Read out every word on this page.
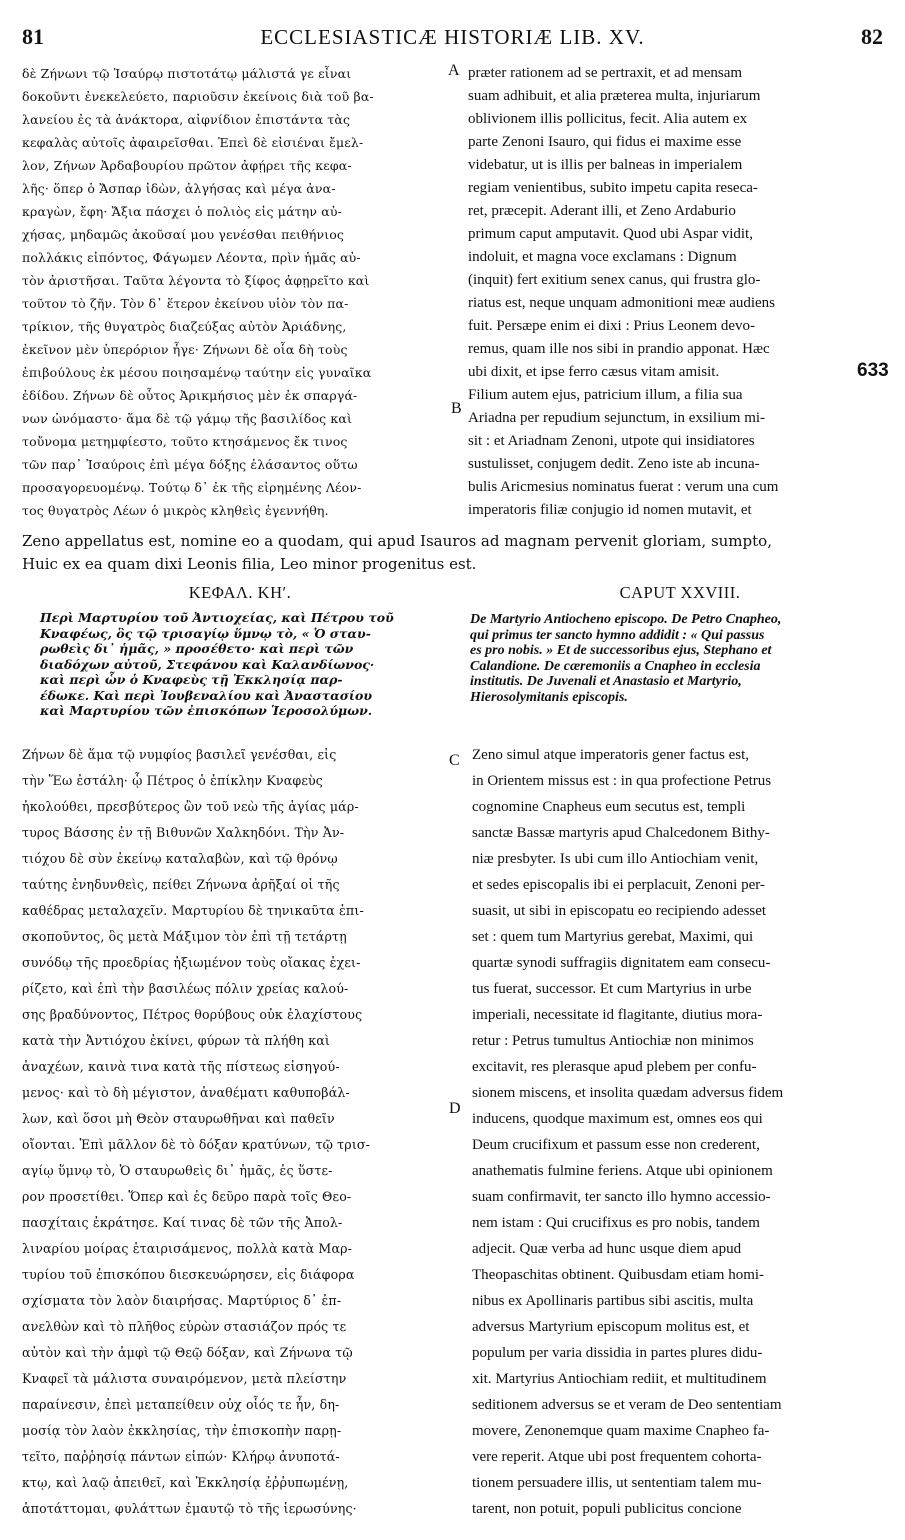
81	ECCLESIASTICÆ HISTORIÆ LIB. XV.	82
δὲ Ζήνωνι τῷ Ἰσαύρῳ πιστοτάτῳ μάλιστά γε εἶναι
δοκοῦντι ἐνεκελεύετο, παριοῦσιν ἐκείνοις διὰ τοῦ βα-
λανείου ἐς τὰ ἀνάκτορα, αἰφνίδιον ἐπιστάντα τὰς
κεφαλὰς αὐτοῖς ἀφαιρεῖσθαι. Ἐπεὶ δὲ εἰσιέναι ἔμελ-
λον, Ζήνων Ἀρδαβουρίου πρῶτον ἀφῄρει τῆς κεφα-
λῆς· ὅπερ ὁ Ἄσπαρ ἰδὼν, ἀλγήσας καὶ μέγα ἀνα-
κραγὼν, ἔφη· Ἄξια πάσχει ὁ πολιὸς εἰς μάτην αὐ-
χήσας, μηδαμῶς ἀκοῦσαί μου γενέσθαι πειθήνιος
πολλάκις εἰπόντος, Φάγωμεν Λέοντα, πρὶν ἡμᾶς αὐ-
τὸν ἀριστῆσαι. Ταῦτα λέγοντα τὸ ξίφος ἀφῃρεῖτο καὶ
τοῦτον τὸ ζῆν. Τὸν δ᾽ ἕτερον ἐκείνου υἱὸν τὸν πα-
τρίκιον, τῆς θυγατρὸς διαζεύξας αὐτὸν Ἀριάδνης,
ἐκεῖνον μὲν ὑπερόριον ἦγε· Ζήνωνι δὲ οἷα δὴ τοὺς
ἐπιβούλους ἐκ μέσου ποιησαμένῳ ταύτην εἰς γυναῖκα
ἐδίδου. Ζήνων δὲ οὗτος Ἀρικμήσιος μὲν ἐκ σπαργά-
νων ὠνόμαστο· ἅμα δὲ τῷ γάμῳ τῆς βασιλίδος καὶ
τοὔνομα μετημφίεστο, τοῦτο κτησάμενος ἔκ τινος
τῶν παρ᾽ Ἰσαύροις ἐπὶ μέγα δόξης ἐλάσαντος οὕτω
προσαγορευομένῳ. Τούτῳ δ᾽ ἐκ τῆς εἰρημένης Λέον-
τος θυγατρὸς Λέων ὁ μικρὸς κληθεὶς ἐγεννήθη.
præter rationem ad se pertraxit, et ad mensam
suam adhibuit, et alia præterea multa, injuriarum
oblivionem illis pollicitus, fecit. Alia autem ex
parte Zenoni Isauro, qui fidus ei maxime esse
videbatur, ut is illis per balneas in imperialem
regiam venientibus, subito impetu capita reseca-
ret, præcepit. Aderant illi, et Zeno Ardaburio
primum caput amputavit. Quod ubi Aspar vidit,
indoluit, et magna voce exclamans : Dignum
(inquit) fert exitium senex canus, qui frustra glo-
riatus est, neque unquam admonitioni meæ audiens
fuit. Persæpe enim ei dixi : Prius Leonem devo-
remus, quam ille nos sibi in prandio apponat. Hæc
ubi dixit, et ipse ferro cæsus vitam amisit.
Filium autem ejus, patricium illum, a filia sua
Ariadna per repudium sejunctum, in exsilium mi-
sit : et Ariadnam Zenoni, utpote qui insidiatores
sustulisset, conjugem dedit. Zeno iste ab incuna-
bulis Aricmesius nominatus fuerat : verum una cum
imperatoris filiæ conjugio id nomen mutavit, et
A
B
C
D
633
Zeno appellatus est, nomine eo a quodam, qui apud Isauros ad magnam pervenit gloriam, sumpto,
Huic ex ea quam dixi Leonis filia, Leo minor progenitus est.
ΚΕΦΑΛ. ΚΗʹ.	CAPUT XXVIII.
Περὶ Μαρτυρίου τοῦ Ἀντιοχείας, καὶ Πέτρου τοῦ
Κναφέως, ὃς τῷ τρισαγίῳ ὕμνῳ τὸ, « Ὁ σταυ-
ρωθεὶς δι᾽ ἡμᾶς, » προσέθετο· καὶ περὶ τῶν
διαδόχων αὐτοῦ, Στεφάνου καὶ Καλανδίωνος·
καὶ περὶ ὧν ὁ Κναφεὺς τῇ Ἐκκλησίᾳ παρ-
έδωκε. Καὶ περὶ Ἰουβεναλίου καὶ Ἀναστασίου
καὶ Μαρτυρίου τῶν ἐπισκόπων Ἱεροσολύμων.
De Martyrio Antiocheno episcopo. De Petro Cnapheo,
qui primus ter sancto hymno addidit : « Qui passus
es pro nobis. » Et de successoribus ejus, Stephano et
Calandione. De cæremoniis a Cnapheo in ecclesia
institutis. De Juvenali et Anastasio et Martyrio,
Hierosolymitanis episcopis.
Ζήνων δὲ ἅμα τῷ νυμφίος βασιλεῖ γενέσθαι, εἰς
τὴν Ἕω ἐστάλη· ᾧ Πέτρος ὁ ἐπίκλην Κναφεὺς
ἠκολούθει, πρεσβύτερος ὢν τοῦ νεὼ τῆς ἁγίας μάρ-
τυρος Βάσσης ἐν τῇ Βιθυνῶν Χαλκηδόνι. Τὴν Ἀν-
τιόχου δὲ σὺν ἐκείνῳ καταλαβὼν, καὶ τῷ θρόνῳ
ταύτης ἐνηδυνθεὶς, πείθει Ζήνωνα ἀρῆξαί οἱ τῆς
καθέδρας μεταλαχεῖν. Μαρτυρίου δὲ τηνικαῦτα ἐπι-
σκοποῦντος, ὃς μετὰ Μάξιμον τὸν ἐπὶ τῇ τετάρτῃ
συνόδῳ τῆς προεδρίας ἠξιωμένον τοὺς οἴακας ἐχει-
ρίζετο, καὶ ἐπὶ τὴν βασιλέως πόλιν χρείας καλού-
σης βραδύνοντος, Πέτρος θορύβους οὐκ ἐλαχίστους
κατὰ τὴν Ἀντιόχου ἐκίνει, φύρων τὰ πλήθη καὶ
ἀναχέων, καινὰ τινα κατὰ τῆς πίστεως εἰσηγού-
μενος· καὶ τὸ δὴ μέγιστον, ἀναθέματι καθυποβάλ-
λων, καὶ ὅσοι μὴ Θεὸν σταυρωθῆναι καὶ παθεῖν
οἴονται. Ἐπὶ μᾶλλον δὲ τὸ δόξαν κρατύνων, τῷ τρισ-
αγίῳ ὕμνῳ τὸ, Ὁ σταυρωθεὶς δι᾽ ἡμᾶς, ἐς ὕστε-
ρον προσετίθει. Ὅπερ καὶ ἐς δεῦρο παρὰ τοῖς Θεο-
πασχίταις ἐκράτησε. Καί τινας δὲ τῶν τῆς Ἀπολ-
λιναρίου μοίρας ἑταιρισάμενος, πολλὰ κατὰ Μαρ-
τυρίου τοῦ ἐπισκόπου διεσκευώρησεν, εἰς διάφορα
σχίσματα τὸν λαὸν διαιρήσας. Μαρτύριος δ᾽ ἐπ-
ανελθὼν καὶ τὸ πλῆθος εὑρὼν στασιάζον πρός τε
αὐτὸν καὶ τὴν ἀμφὶ τῷ Θεῷ δόξαν, καὶ Ζήνωνα τῷ
Κναφεῖ τὰ μάλιστα συναιρόμενον, μετὰ πλείστην
παραίνεσιν, ἐπεὶ μεταπείθειν οὐχ οἷός τε ἦν, δη-
μοσίᾳ τὸν λαὸν ἐκκλησίας, τὴν ἐπισκοπὴν παρῃ-
τεῖτο, παῤῥησίᾳ πάντων εἰπών· Κλήρῳ ἀνυποτά-
κτῳ, καὶ λαῷ ἀπειθεῖ, καὶ Ἐκκλησίᾳ ἐῤῥυπωμένῃ,
ἀποτάττομαι, φυλάττων ἐμαυτῷ τὸ τῆς ἱερωσύνης·
Zeno simul atque imperatoris gener factus est,
in Orientem missus est : in qua profectione Petrus
cognomine Cnapheus eum secutus est, templi
sanctæ Bassæ martyris apud Chalcedonem Bithy-
niæ presbyter. Is ubi cum illo Antiochiam venit,
et sedes episcopalis ibi ei perplacuit, Zenoni per-
suasit, ut sibi in episcopatu eo recipiendo adesset
set : quem tum Martyrius gerebat, Maximi, qui
quartæ synodi suffragiis dignitatem eam consecu-
tus fuerat, successor. Et cum Martyrius in urbe
imperiali, necessitate id flagitante, diutius mora-
retur : Petrus tumultus Antiochiæ non minimos
excitavit, res plerasque apud plebem per confu-
sionem miscens, et insolita quædam adversus fidem
inducens, quodque maximum est, omnes eos qui
Deum crucifixum et passum esse non crederent,
anathematis fulmine feriens. Atque ubi opinionem
suam confirmavit, ter sancto illo hymno accessio-
nem istam : Qui crucifixus es pro nobis, tandem
adjecit. Quæ verba ad hunc usque diem apud
Theopaschitas obtinent. Quibusdam etiam homi-
nibus ex Apollinaris partibus sibi ascitis, multa
adversus Martyrium episcopum molitus est, et
populum per varia dissidia in partes plures didu-
xit. Martyrius Antiochiam rediit, et multitudinem
seditionem adversus se et veram de Deo sententiam
movere, Zenonemque quam maxime Cnapheo fa-
vere reperit. Atque ubi post frequentem cohorta-
tionem persuadere illis, ut sententiam talem mu-
tarent, non potuit, populi publicitus concione
